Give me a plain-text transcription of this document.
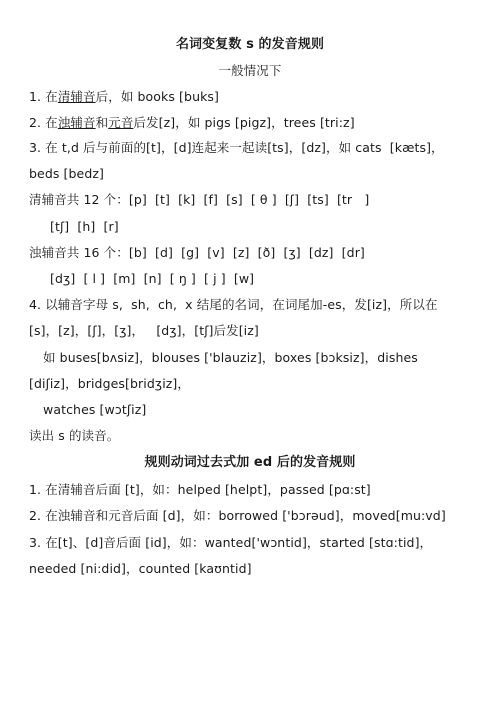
名词变复数 s 的发音规则
一般情况下
1. 在清辅音后，如 books [buks]
2. 在浊辅音和元音后发[z]，如 pigs [pigz]，trees [tri:z]
3. 在 t,d 后与前面的[t]，[d]连起来一起读[ts]，[dz]，如 cats  [kæts]，
beds [bedz]
清辅音共 12 个：[p]  [t]  [k]  [f]  [s]  [ θ ]  [ʃ]  [ts]  [tr   ]
[tʃ]  [h]  [r]
浊辅音共 16 个：[b]  [d]  [g]  [v]  [z]  [ð]  [ʒ]  [dz]  [dr]
[dʒ]  [ l ]  [m]  [n]  [ ŋ ]  [ j ]  [w]
4. 以辅音字母 s,  sh,  ch,  x 结尾的名词，在词尾加-es，发[iz]，所以在
[s]，[z]，[ʃ]，[ʒ]，   [dʒ]，[tʃ]后发[iz]
如 buses[bʌsiz]，blouses ['blauziz]，boxes [bɔksiz]，dishes
[diʃiz]，bridges[bridʒiz]，
watches [wɔtʃiz]
读出 s 的读音。
规则动词过去式加 ed 后的发音规则
1. 在清辅音后面 [t]，如：helped [helpt]，passed [pɑ:st]
2. 在浊辅音和元音后面 [d]，如：borrowed ['bɔrəud]，moved[mu:vd]
3. 在[t]、[d]音后面 [id]，如：wanted['wɔntid]，started [stɑ:tid]，
needed [ni:did]，counted [kaʊntid]
